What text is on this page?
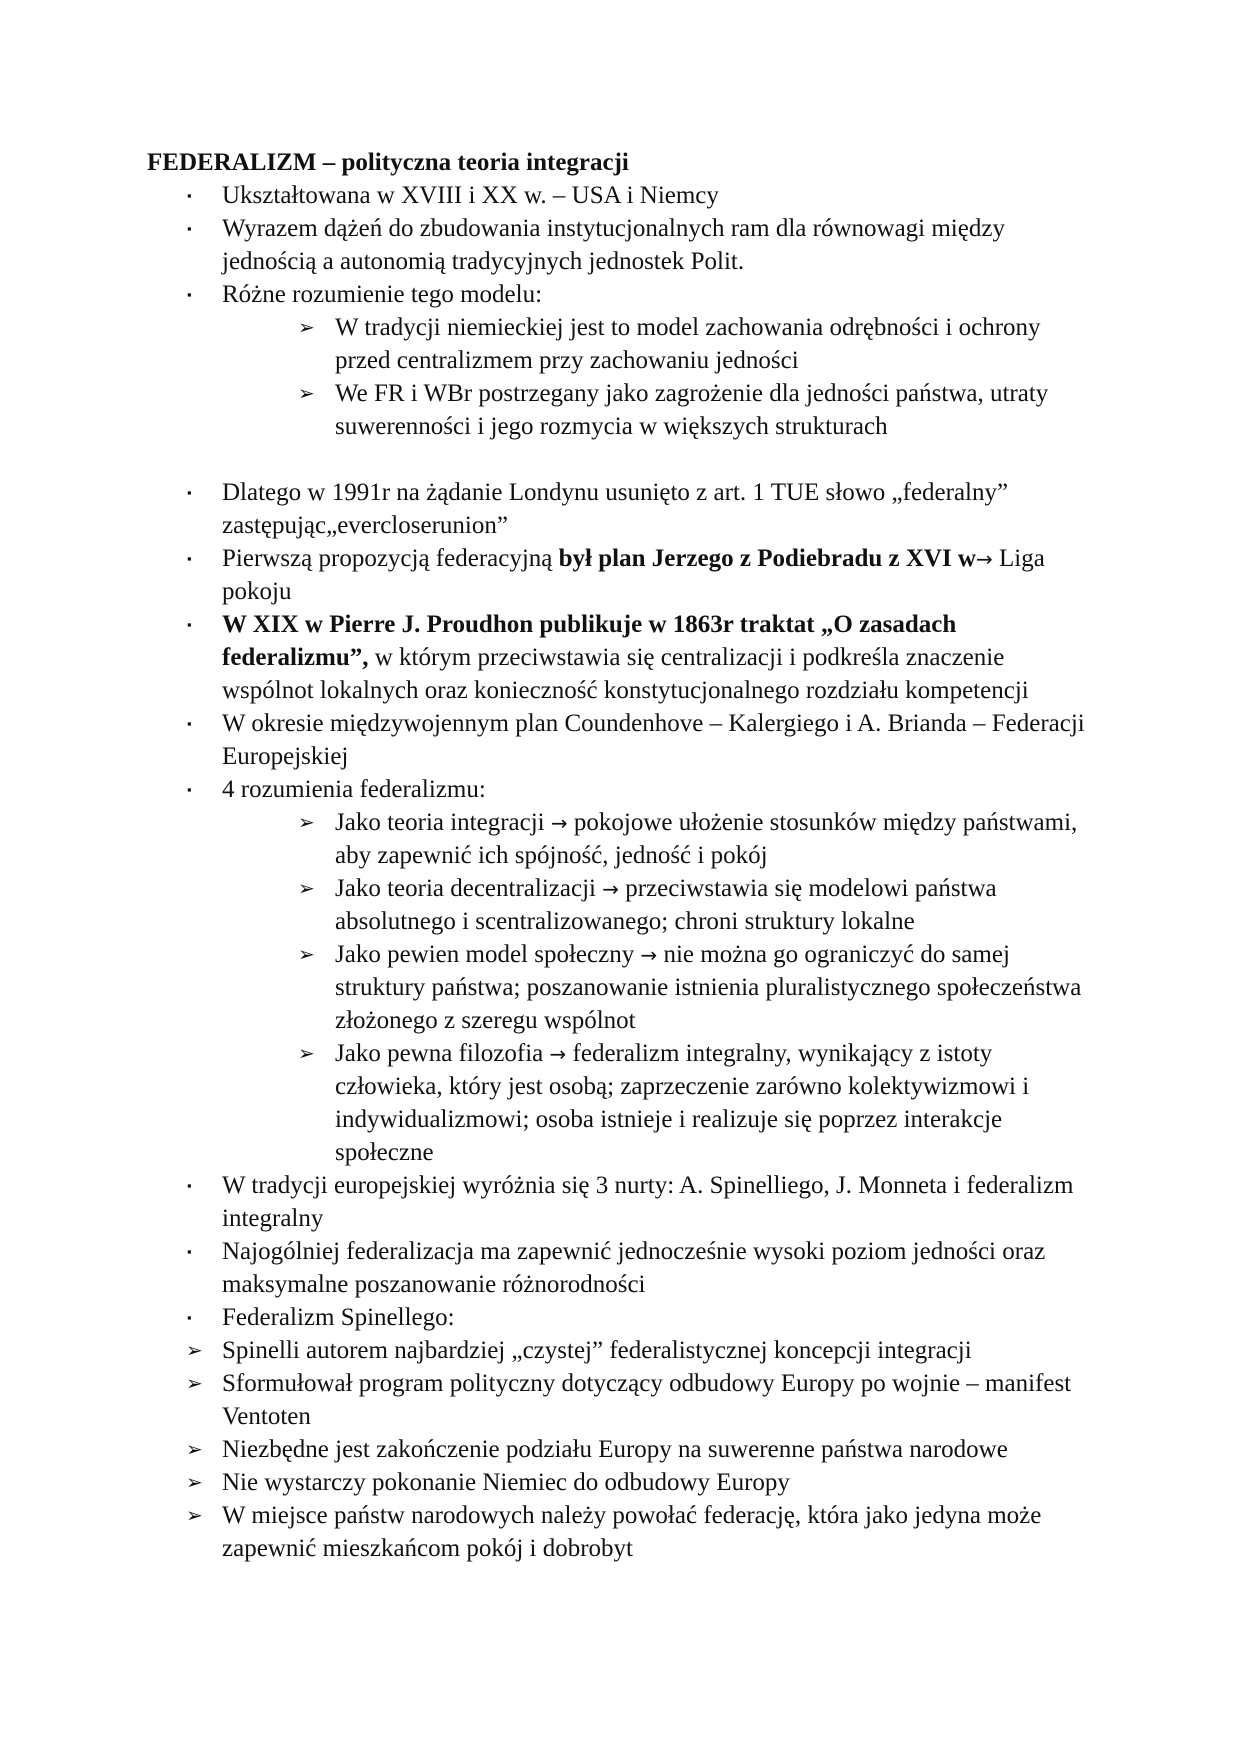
FEDERALIZM – polityczna teoria integracji
▪ Ukształtowana w XVIII i XX w. – USA i Niemcy
▪ Wyrazem dążeń do zbudowania instytucjonalnych ram dla równowagi między
jednością a autonomią tradycyjnych jednostek Polit.
▪ Różne rozumienie tego modelu:
➢ W tradycji niemieckiej jest to model zachowania odrębności i ochrony
przed centralizmem przy zachowaniu jedności
➢ We FR i WBr postrzegany jako zagrożenie dla jedności państwa, utraty
suwerenności i jego rozmycia w większych strukturach
▪ Dlatego w 1991r na żądanie Londynu usunięto z art. 1 TUE słowo „federalny”
zastępując„evercloserunion”
▪ Pierwszą propozycją federacyjną był plan Jerzego z Podiebradu z XVI w→ Liga
pokoju
▪ W XIX w Pierre J. Proudhon publikuje w 1863r traktat „O zasadach
federalizmu”, w którym przeciwstawia się centralizacji i podkreśla znaczenie
wspólnot lokalnych oraz konieczność konstytucjonalnego rozdziału kompetencji
▪ W okresie międzywojennym plan Coundenhove – Kalergiego i A. Brianda – Federacji
Europejskiej
▪ 4 rozumienia federalizmu:
➢ Jako teoria integracji → pokojowe ułożenie stosunków między państwami,
aby zapewnić ich spójność, jedność i pokój
➢ Jako teoria decentralizacji → przeciwstawia się modelowi państwa
absolutnego i scentralizowanego; chroni struktury lokalne
➢ Jako pewien model społeczny → nie można go ograniczyć do samej
struktury państwa; poszanowanie istnienia pluralistycznego społeczeństwa
złożonego z szeregu wspólnot
➢ Jako pewna filozofia → federalizm integralny, wynikający z istoty
człowieka, który jest osobą; zaprzeczenie zarówno kolektywizmowi i
indywidualizmowi; osoba istnieje i realizuje się poprzez interakcje
społeczne
▪ W tradycji europejskiej wyróżnia się 3 nurty: A. Spinelliego, J. Monneta i federalizm
integralny
▪ Najogólniej federalizacja ma zapewnić jednocześnie wysoki poziom jedności oraz
maksymalne poszanowanie różnorodności
▪ Federalizm Spinellego:
➢ Spinelli autorem najbardziej „czystej” federalistycznej koncepcji integracji
➢ Sformułował program polityczny dotyczący odbudowy Europy po wojnie – manifest
Ventoten
➢ Niezbędne jest zakończenie podziału Europy na suwerenne państwa narodowe
➢ Nie wystarczy pokonanie Niemiec do odbudowy Europy
➢ W miejsce państw narodowych należy powołać federację, która jako jedyna może
zapewnić mieszkańcom pokój i dobrobyt
